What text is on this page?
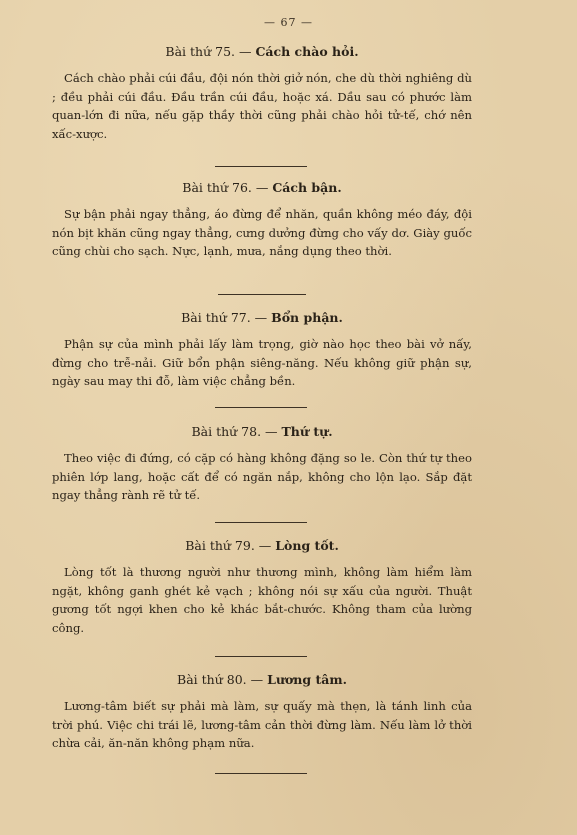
— 67 —
Bài thứ 75. — Cách chào hỏi.

Cách chào phải cúi đầu, đội nón thời giở nón, che dù thời nghiêng dù ; đều phải cúi đầu. Đầu trần cúi đầu, hoặc xá. Dầu sau có phước làm quan-lớn đi nữa, nếu gặp thầy thời cũng phải chào hỏi tử-tế, chớ nên xấc-xược.

Bài thứ 76. — Cách bận.

Sự bận phải ngay thẳng, áo đừng để nhăn, quần không méo đáy, đội nón bịt khăn cũng ngay thẳng, cưng dưởng đừng cho vấy dơ. Giày guốc cũng chùi cho sạch. Nực, lạnh, mưa, nắng dụng theo thời.

Bài thứ 77. — Bổn phận.

Phận sự của mình phải lấy làm trọng, giờ nào học theo bài vở nấy, đừng cho trễ-nải. Giữ bổn phận siêng-năng. Nếu không giữ phận sự, ngày sau may thi đỗ, làm việc chẳng bền.

Bài thứ 78. — Thứ tự.

Theo việc đi đứng, có cặp có hàng không đặng so le. Còn thứ tự theo phiên lớp lang, hoặc cất để có ngăn nắp, không cho lộn lạo. Sắp đặt ngay thẳng rành rẽ tử tế.

Bài thứ 79. — Lòng tốt.

Lòng tốt là thương người như thương mình, không làm hiểm làm ngặt, không ganh ghét kẻ vạch ; không nói sự xấu của người. Thuật gương tốt ngợi khen cho kẻ khác bắt-chước. Không tham của lường công.

Bài thứ 80. — Lương tâm.

Lương-tâm biết sự phải mà làm, sự quấy mà thẹn, là tánh linh của trời phú. Việc chi trái lẽ, lương-tâm cản thời đừng làm. Nếu làm lở thời chừa cải, ăn-năn không phạm nữa.
